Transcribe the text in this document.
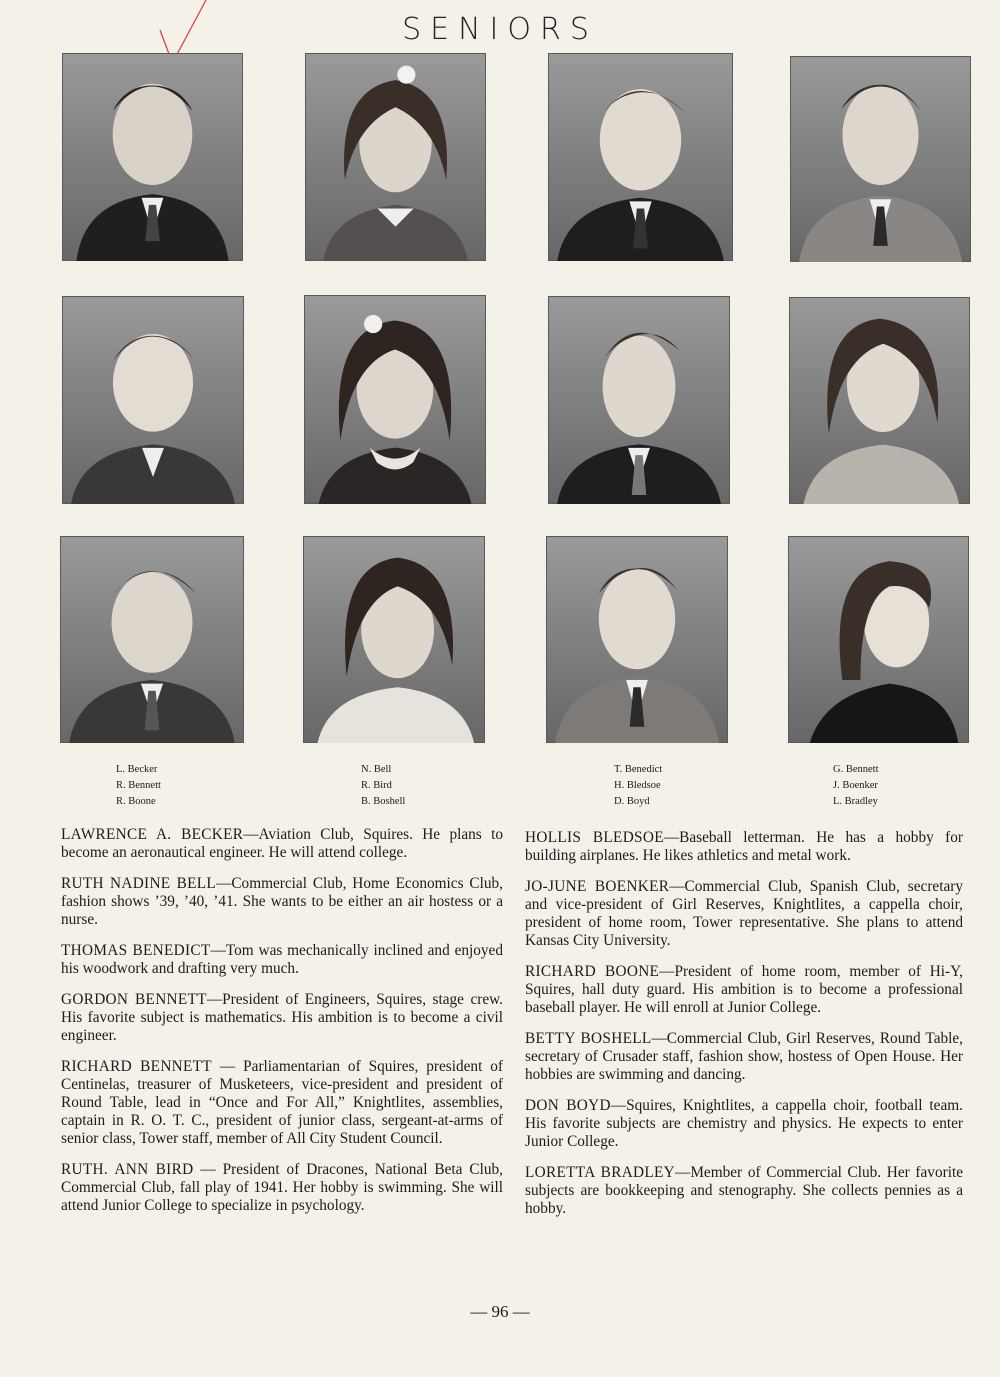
SENIORS
L. Becker
R. Bennett
R. Boone
N. Bell
R. Bird
B. Boshell
T. Benedict
H. Bledsoe
D. Boyd
G. Bennett
J. Boenker
L. Bradley

LAWRENCE A. BECKER—Aviation Club, Squires. He plans to become an aeronautical engineer. He will attend college.

RUTH NADINE BELL—Commercial Club, Home Economics Club, fashion shows ’39, ’40, ’41. She wants to be either an air hostess or a nurse.

THOMAS BENEDICT—Tom was mechanically inclined and enjoyed his woodwork and drafting very much.

GORDON BENNETT—President of Engineers, Squires, stage crew. His favorite subject is mathematics. His ambition is to become a civil engineer.

RICHARD BENNETT — Parliamentarian of Squires, president of Centinelas, treasurer of Musketeers, vice-president and president of Round Table, lead in “Once and For All,” Knightlites, assemblies, captain in R. O. T. C., president of junior class, sergeant-at-arms of senior class, Tower staff, member of All City Student Council.

RUTH. ANN BIRD — President of Dracones, National Beta Club, Commercial Club, fall play of 1941. Her hobby is swimming. She will attend Junior College to specialize in psychology.

HOLLIS BLEDSOE—Baseball letterman. He has a hobby for building airplanes. He likes athletics and metal work.

JO-JUNE BOENKER—Commercial Club, Spanish Club, secretary and vice-president of Girl Reserves, Knightlites, a cappella choir, president of home room, Tower representative. She plans to attend Kansas City University.

RICHARD BOONE—President of home room, member of Hi-Y, Squires, hall duty guard. His ambition is to become a professional baseball player. He will enroll at Junior College.

BETTY BOSHELL—Commercial Club, Girl Reserves, Round Table, secretary of Crusader staff, fashion show, hostess of Open House. Her hobbies are swimming and dancing.

DON BOYD—Squires, Knightlites, a cappella choir, football team. His favorite subjects are chemistry and physics. He expects to enter Junior College.

LORETTA BRADLEY—Member of Commercial Club. Her favorite subjects are bookkeeping and stenography. She collects pennies as a hobby.

— 96 —
